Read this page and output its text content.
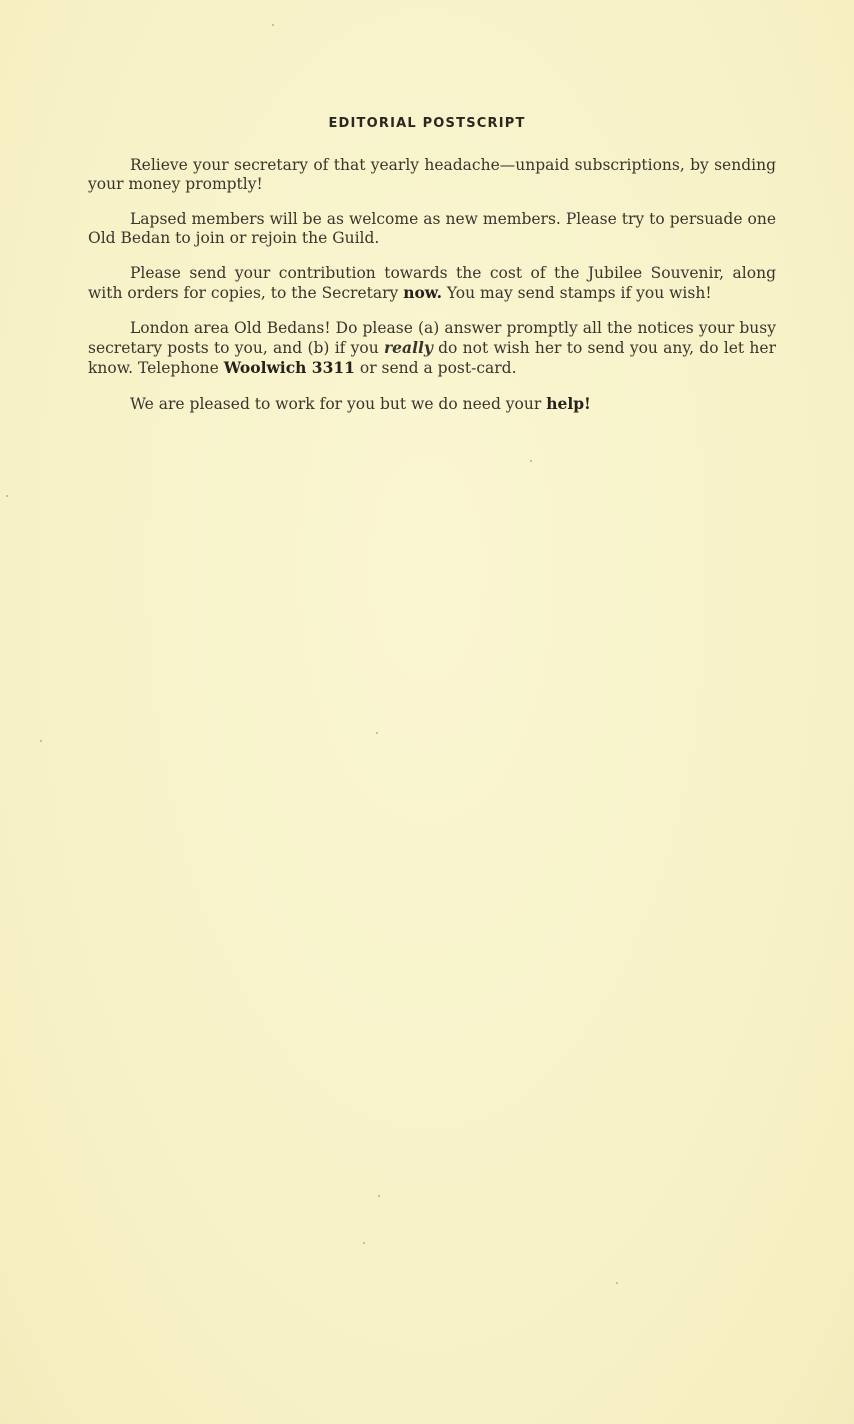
EDITORIAL POSTSCRIPT

Relieve your secretary of that yearly headache—unpaid subscriptions, by sending your money promptly!

Lapsed members will be as welcome as new members. Please try to persuade one Old Bedan to join or rejoin the Guild.

Please send your contribution towards the cost of the Jubilee Souvenir, along with orders for copies, to the Secretary now. You may send stamps if you wish!

London area Old Bedans! Do please (a) answer promptly all the notices your busy secretary posts to you, and (b) if you really do not wish her to send you any, do let her know. Telephone Woolwich 3311 or send a post-card.

We are pleased to work for you but we do need your help!
